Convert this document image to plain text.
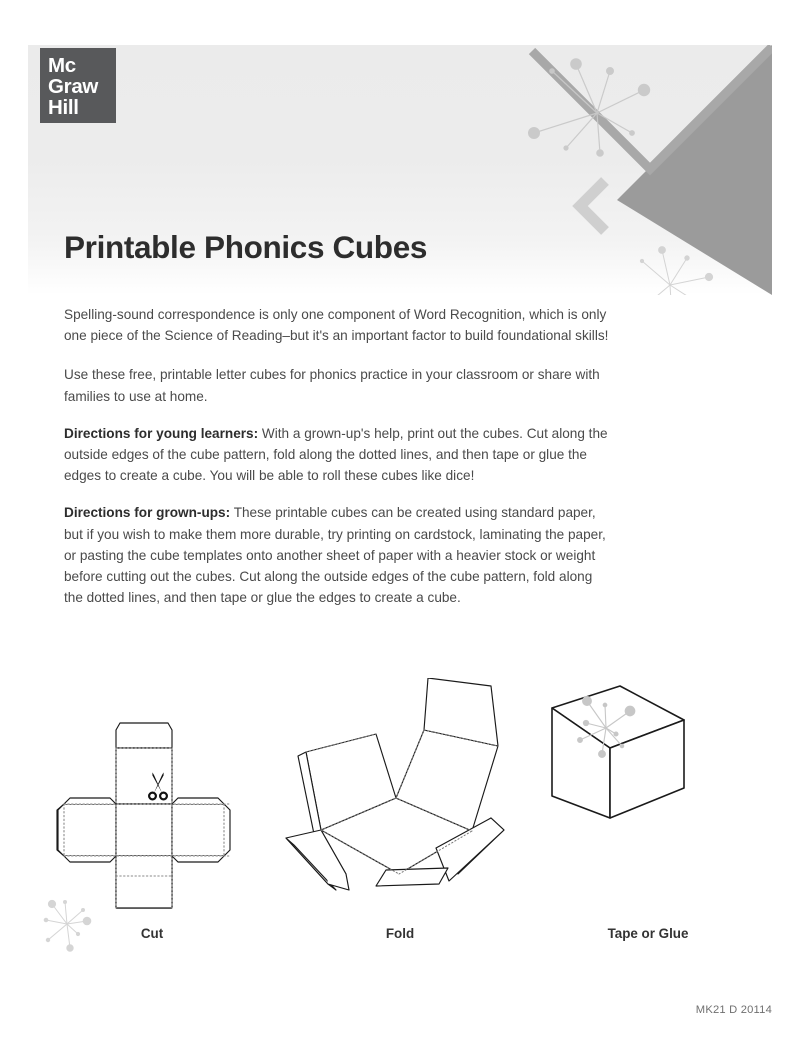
Mc
Graw
Hill
Printable Phonics Cubes

Spelling-sound correspondence is only one component of Word Recognition, which is only one piece of the Science of Reading–but it's an important factor to build foundational skills!

Use these free, printable letter cubes for phonics practice in your classroom or share with families to use at home.

Directions for young learners: With a grown-up's help, print out the cubes. Cut along the outside edges of the cube pattern, fold along the dotted lines, and then tape or glue the edges to create a cube. You will be able to roll these cubes like dice!

Directions for grown-ups: These printable cubes can be created using standard paper, but if you wish to make them more durable, try printing on cardstock, laminating the paper, or pasting the cube templates onto another sheet of paper with a heavier stock or weight before cutting out the cubes. Cut along the outside edges of the cube pattern, fold along the dotted lines, and then tape or glue the edges to create a cube.

Cut	Fold	Tape or Glue
MK21 D 20114
